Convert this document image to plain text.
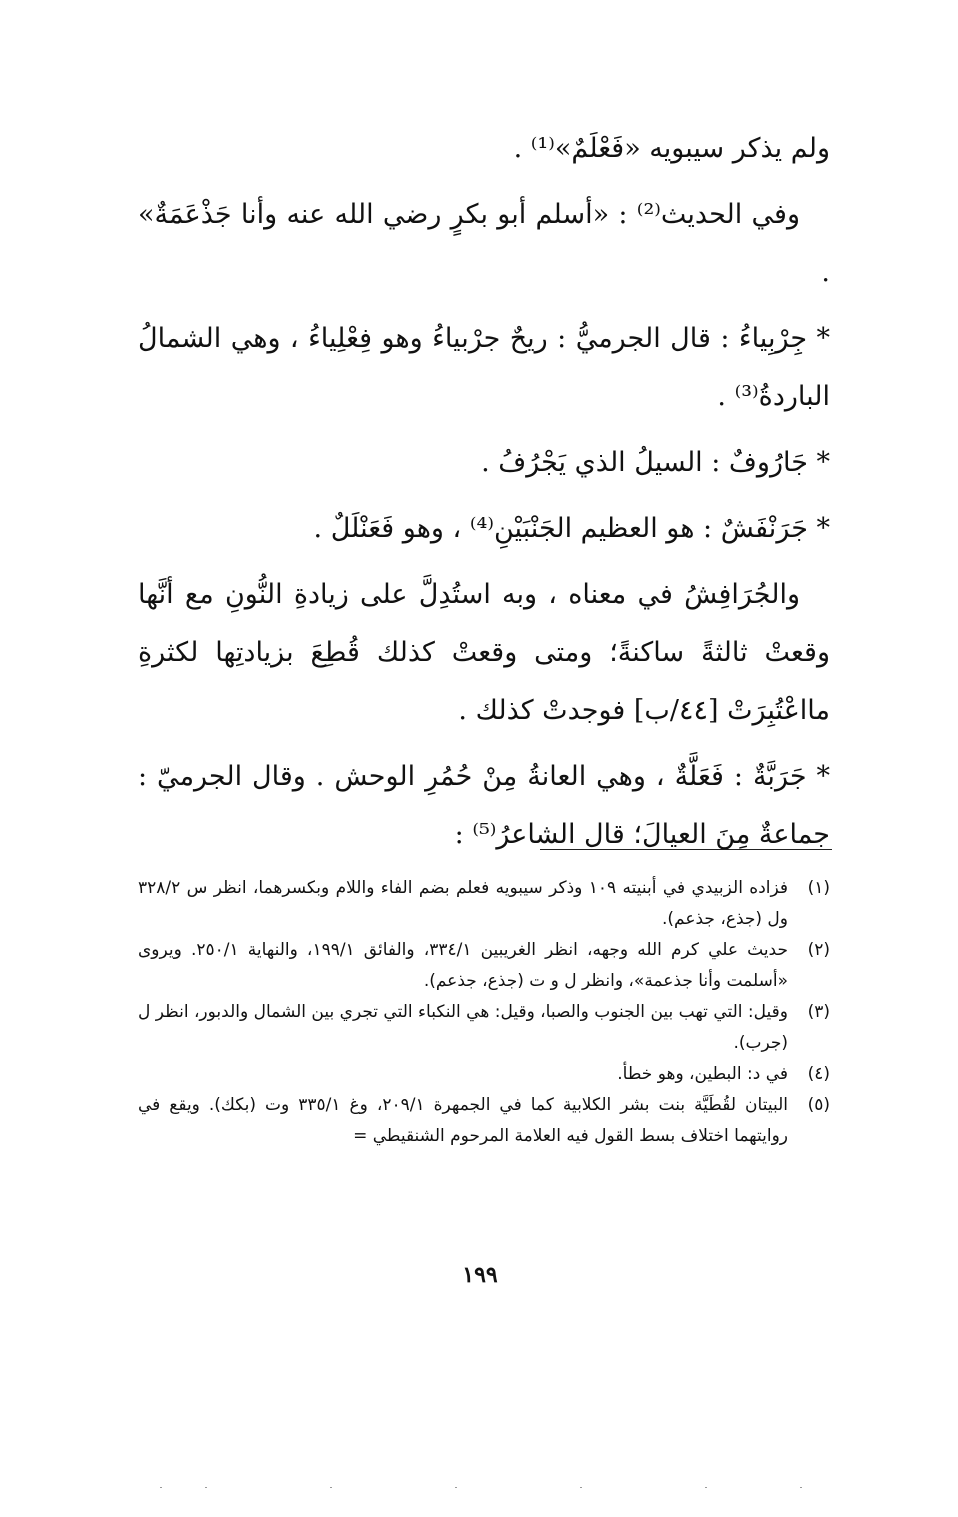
ولم يذكر سيبويه «فَعْلَمٌ»⁽¹⁾ .

وفي الحديث⁽²⁾ : «أسلم أبو بكرٍ رضي الله عنه وأنا جَذْعَمَةٌ» .

* جِرْبِياءُ : قال الجرميُّ : ريحٌ جرْبياءُ وهو فِعْلِياءُ ، وهي الشمالُ الباردةُ⁽³⁾ .

* جَارُوفٌ : السيلُ الذي يَجْرُفُ .

* جَرَنْفَشٌ : هو العظيم الجَنْبَيْنِ⁽⁴⁾ ، وهو فَعَنْلَلٌ .

والجُرَافِشُ في معناه ، وبه استُدِلَّ على زيادةِ النُّونِ مع أنَّها وقعتْ ثالثةً ساكنةً؛ ومتى وقعتْ كذلك قُطِعَ بزيادتِها لكثرةِ مااعْتُبِرَتْ [٤٤/ب] فوجدتْ كذلك .

* جَرَبَّةٌ : فَعَلَّةٌ ، وهي العانةُ مِنْ حُمُرِ الوحش . وقال الجرميّ : جماعةٌ مِنَ العيالَ؛ قال الشاعرُ⁽⁵⁾ :

(١)
فزاده الزبيدي في أبنيته ١٠٩ وذكر سيبويه فعلم بضم الفاء واللام وبكسرهما، انظر س ٣٢٨/٢ ول (جذع، جذعم).
(٢)
حديث علي كرم الله وجهه، انظر الغريبين ٣٣٤/١، والفائق ١٩٩/١، والنهاية ٢٥٠/١. ويروى «أسلمت وأنا جذعمة»، وانظر ل و ت (جذع، جذعم).
(٣)
وقيل: التي تهب بين الجنوب والصبا، وقيل: هي النكباء التي تجري بين الشمال والدبور، انظر ل (جرب).
(٤)
في د: البطين، وهو خطأ.
(٥)
البيتان لقُطَيَّة بنت بشر الكلابية كما في الجمهرة ٢٠٩/١، وغ ٣٣٥/١ وت (بكك). ويقع في روايتهما اختلاف بسط القول فيه العلامة المرحوم الشنقيطي =
١٩٩
